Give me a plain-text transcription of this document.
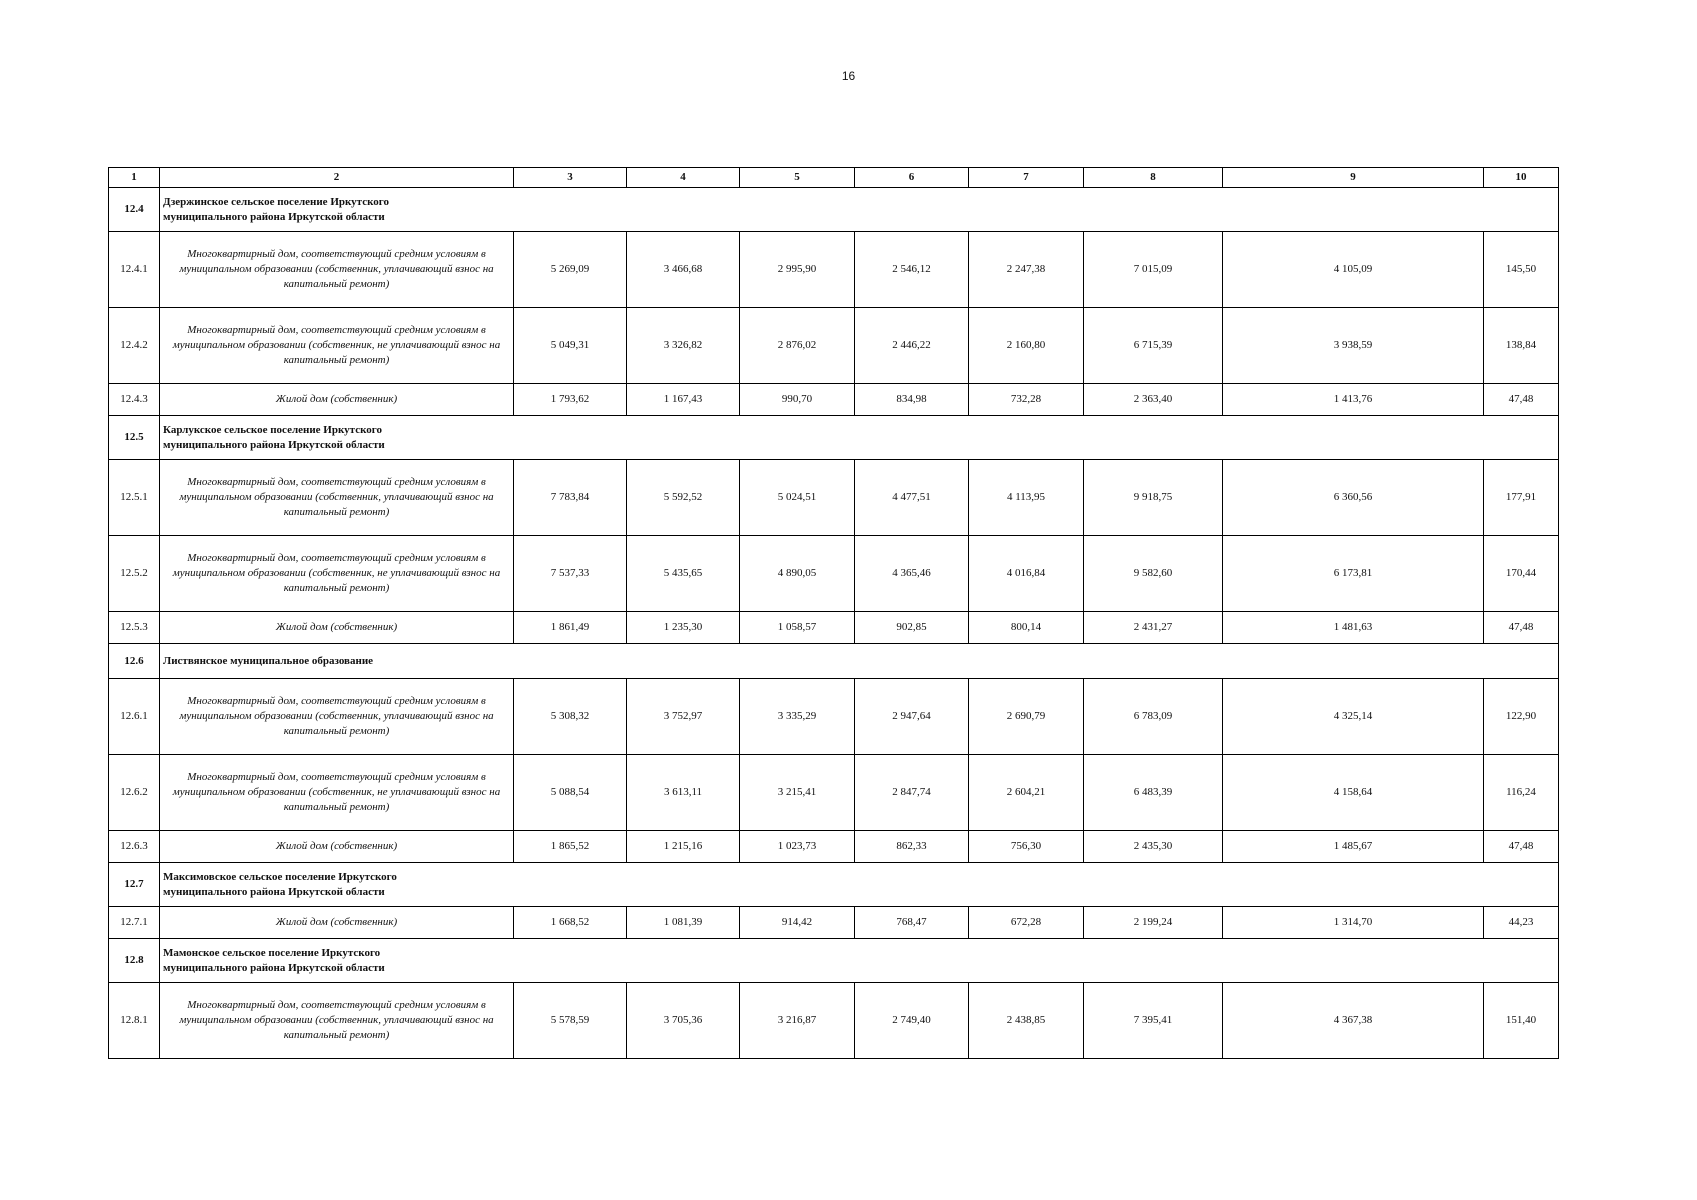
16
1	2	3	4	5	6	7	8	9	10
12.4	Дзержинское сельское поселение Иркутского
муниципального района Иркутской области								

12.4.1	Многоквартирный дом, соответствующий средним условиям в муниципальном образовании (собственник, уплачивающий взнос на капитальный ремонт)	5 269,09	3 466,68	2 995,90	2 546,12	2 247,38	7 015,09	4 105,09	145,50
12.4.2	Многоквартирный дом, соответствующий средним условиям в муниципальном образовании (собственник, не уплачивающий взнос на капитальный ремонт)	5 049,31	3 326,82	2 876,02	2 446,22	2 160,80	6 715,39	3 938,59	138,84
12.4.3	Жилой дом (собственник)	1 793,62	1 167,43	990,70	834,98	732,28	2 363,40	1 413,76	47,48
12.5	Карлукское сельское поселение Иркутского
муниципального района Иркутской области								

12.5.1	Многоквартирный дом, соответствующий средним условиям в муниципальном образовании (собственник, уплачивающий взнос на капитальный ремонт)	7 783,84	5 592,52	5 024,51	4 477,51	4 113,95	9 918,75	6 360,56	177,91
12.5.2	Многоквартирный дом, соответствующий средним условиям в муниципальном образовании (собственник, не уплачивающий взнос на капитальный ремонт)	7 537,33	5 435,65	4 890,05	4 365,46	4 016,84	9 582,60	6 173,81	170,44
12.5.3	Жилой дом (собственник)	1 861,49	1 235,30	1 058,57	902,85	800,14	2 431,27	1 481,63	47,48
12.6	Листвянское муниципальное образование								

12.6.1	Многоквартирный дом, соответствующий средним условиям в муниципальном образовании (собственник, уплачивающий взнос на капитальный ремонт)	5 308,32	3 752,97	3 335,29	2 947,64	2 690,79	6 783,09	4 325,14	122,90
12.6.2	Многоквартирный дом, соответствующий средним условиям в муниципальном образовании (собственник, не уплачивающий взнос на капитальный ремонт)	5 088,54	3 613,11	3 215,41	2 847,74	2 604,21	6 483,39	4 158,64	116,24
12.6.3	Жилой дом (собственник)	1 865,52	1 215,16	1 023,73	862,33	756,30	2 435,30	1 485,67	47,48
12.7	Максимовское сельское поселение Иркутского
муниципального района Иркутской области								

12.7.1	Жилой дом (собственник)	1 668,52	1 081,39	914,42	768,47	672,28	2 199,24	1 314,70	44,23
12.8	Мамонское сельское поселение Иркутского
муниципального района Иркутской области								

12.8.1	Многоквартирный дом, соответствующий средним условиям в муниципальном образовании (собственник, уплачивающий взнос на капитальный ремонт)	5 578,59	3 705,36	3 216,87	2 749,40	2 438,85	7 395,41	4 367,38	151,40
